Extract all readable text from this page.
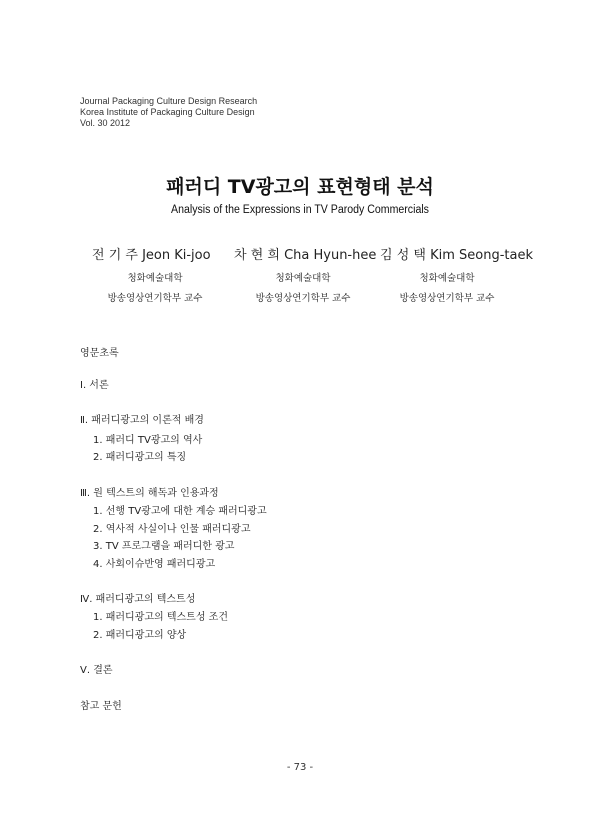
Journal Packaging Culture Design Research
Korea Institute of Packaging Culture Design
Vol. 30 2012
패러디 TV광고의 표현형태 분석
Analysis of the Expressions in TV Parody Commercials
전 기 주 Jeon Ki-joo 차 현 희 Cha Hyun-hee 김 성 택 Kim Seong-taek
청화예술대학
방송영상연기학부 교수
청화예술대학
방송영상연기학부 교수
청화예술대학
방송영상연기학부 교수
영문초록
Ⅰ. 서론
Ⅱ. 패러디광고의 이론적 배경
1. 패러디 TV광고의 역사
2. 패러디광고의 특징
Ⅲ. 원 텍스트의 해독과 인용과정
1. 선행 TV광고에 대한 계승 패러디광고
2. 역사적 사실이나 인물 패러디광고
3. TV 프로그램을 패러디한 광고
4. 사회이슈반영 패러디광고
Ⅳ. 패러디광고의 텍스트성
1. 패러디광고의 텍스트성 조건
2. 패러디광고의 양상
Ⅴ. 결론
참고 문헌
- 73 -
